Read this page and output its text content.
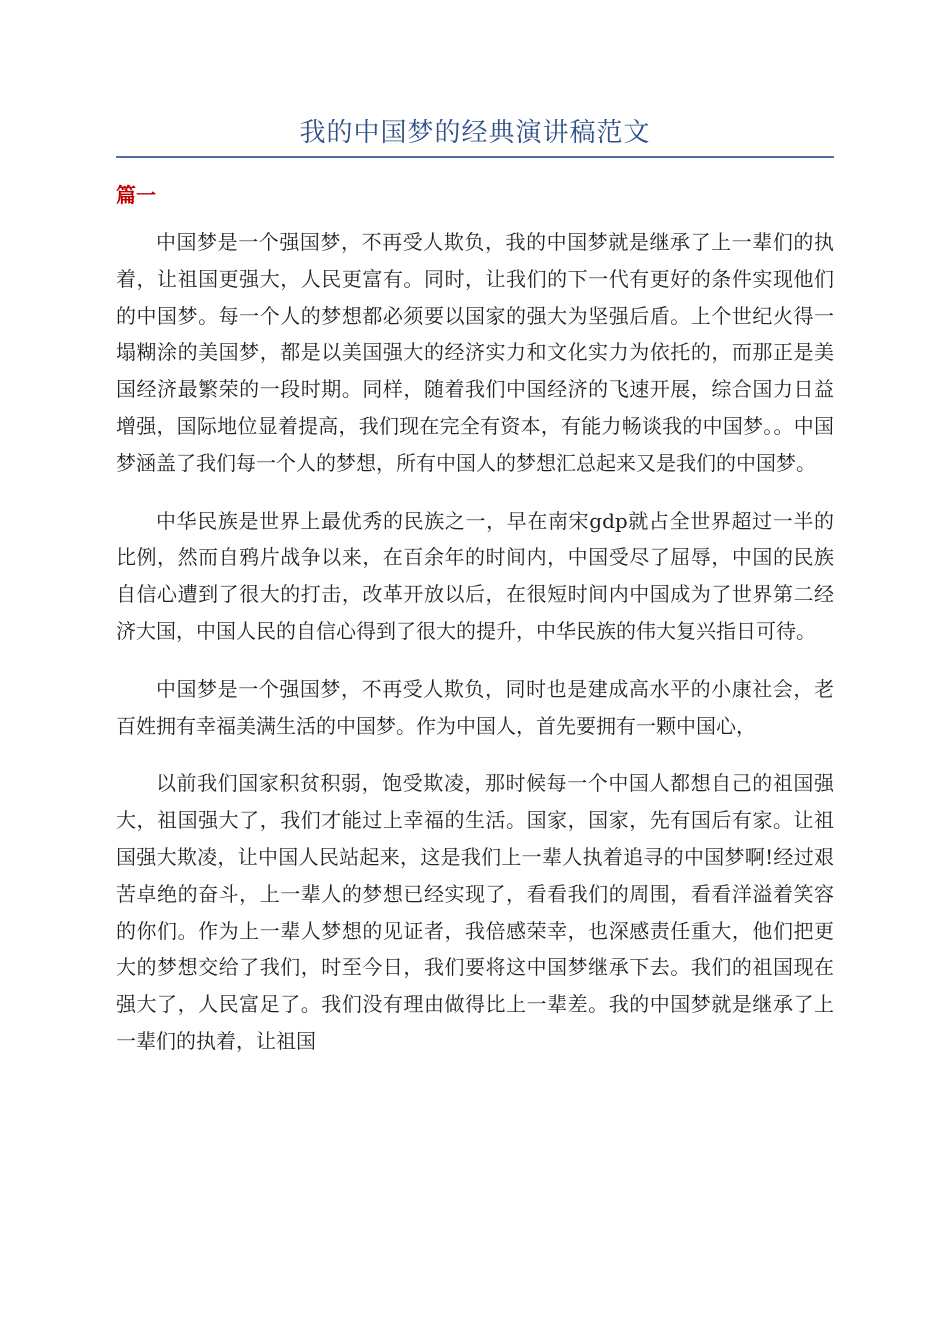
我的中国梦的经典演讲稿范文
篇一

中国梦是一个强国梦，不再受人欺负，我的中国梦就是继承了上一辈们的执着，让祖国更强大，人民更富有。同时，让我们的下一代有更好的条件实现他们的中国梦。每一个人的梦想都必须要以国家的强大为坚强后盾。上个世纪火得一塌糊涂的美国梦，都是以美国强大的经济实力和文化实力为依托的，而那正是美国经济最繁荣的一段时期。同样，随着我们中国经济的飞速开展，综合国力日益增强，国际地位显着提高，我们现在完全有资本，有能力畅谈我的中国梦。。中国梦涵盖了我们每一个人的梦想，所有中国人的梦想汇总起来又是我们的中国梦。

中华民族是世界上最优秀的民族之一，早在南宋gdp就占全世界超过一半的比例，然而自鸦片战争以来，在百余年的时间内，中国受尽了屈辱，中国的民族自信心遭到了很大的打击，改革开放以后，在很短时间内中国成为了世界第二经济大国，中国人民的自信心得到了很大的提升，中华民族的伟大复兴指日可待。

中国梦是一个强国梦，不再受人欺负，同时也是建成高水平的小康社会，老百姓拥有幸福美满生活的中国梦。作为中国人，首先要拥有一颗中国心，

以前我们国家积贫积弱，饱受欺凌，那时候每一个中国人都想自己的祖国强大，祖国强大了，我们才能过上幸福的生活。国家，国家，先有国后有家。让祖国强大欺凌，让中国人民站起来，这是我们上一辈人执着追寻的中国梦啊!经过艰苦卓绝的奋斗，上一辈人的梦想已经实现了，看看我们的周围，看看洋溢着笑容的你们。作为上一辈人梦想的见证者，我倍感荣幸，也深感责任重大，他们把更大的梦想交给了我们，时至今日，我们要将这中国梦继承下去。我们的祖国现在强大了，人民富足了。我们没有理由做得比上一辈差。我的中国梦就是继承了上一辈们的执着，让祖国
